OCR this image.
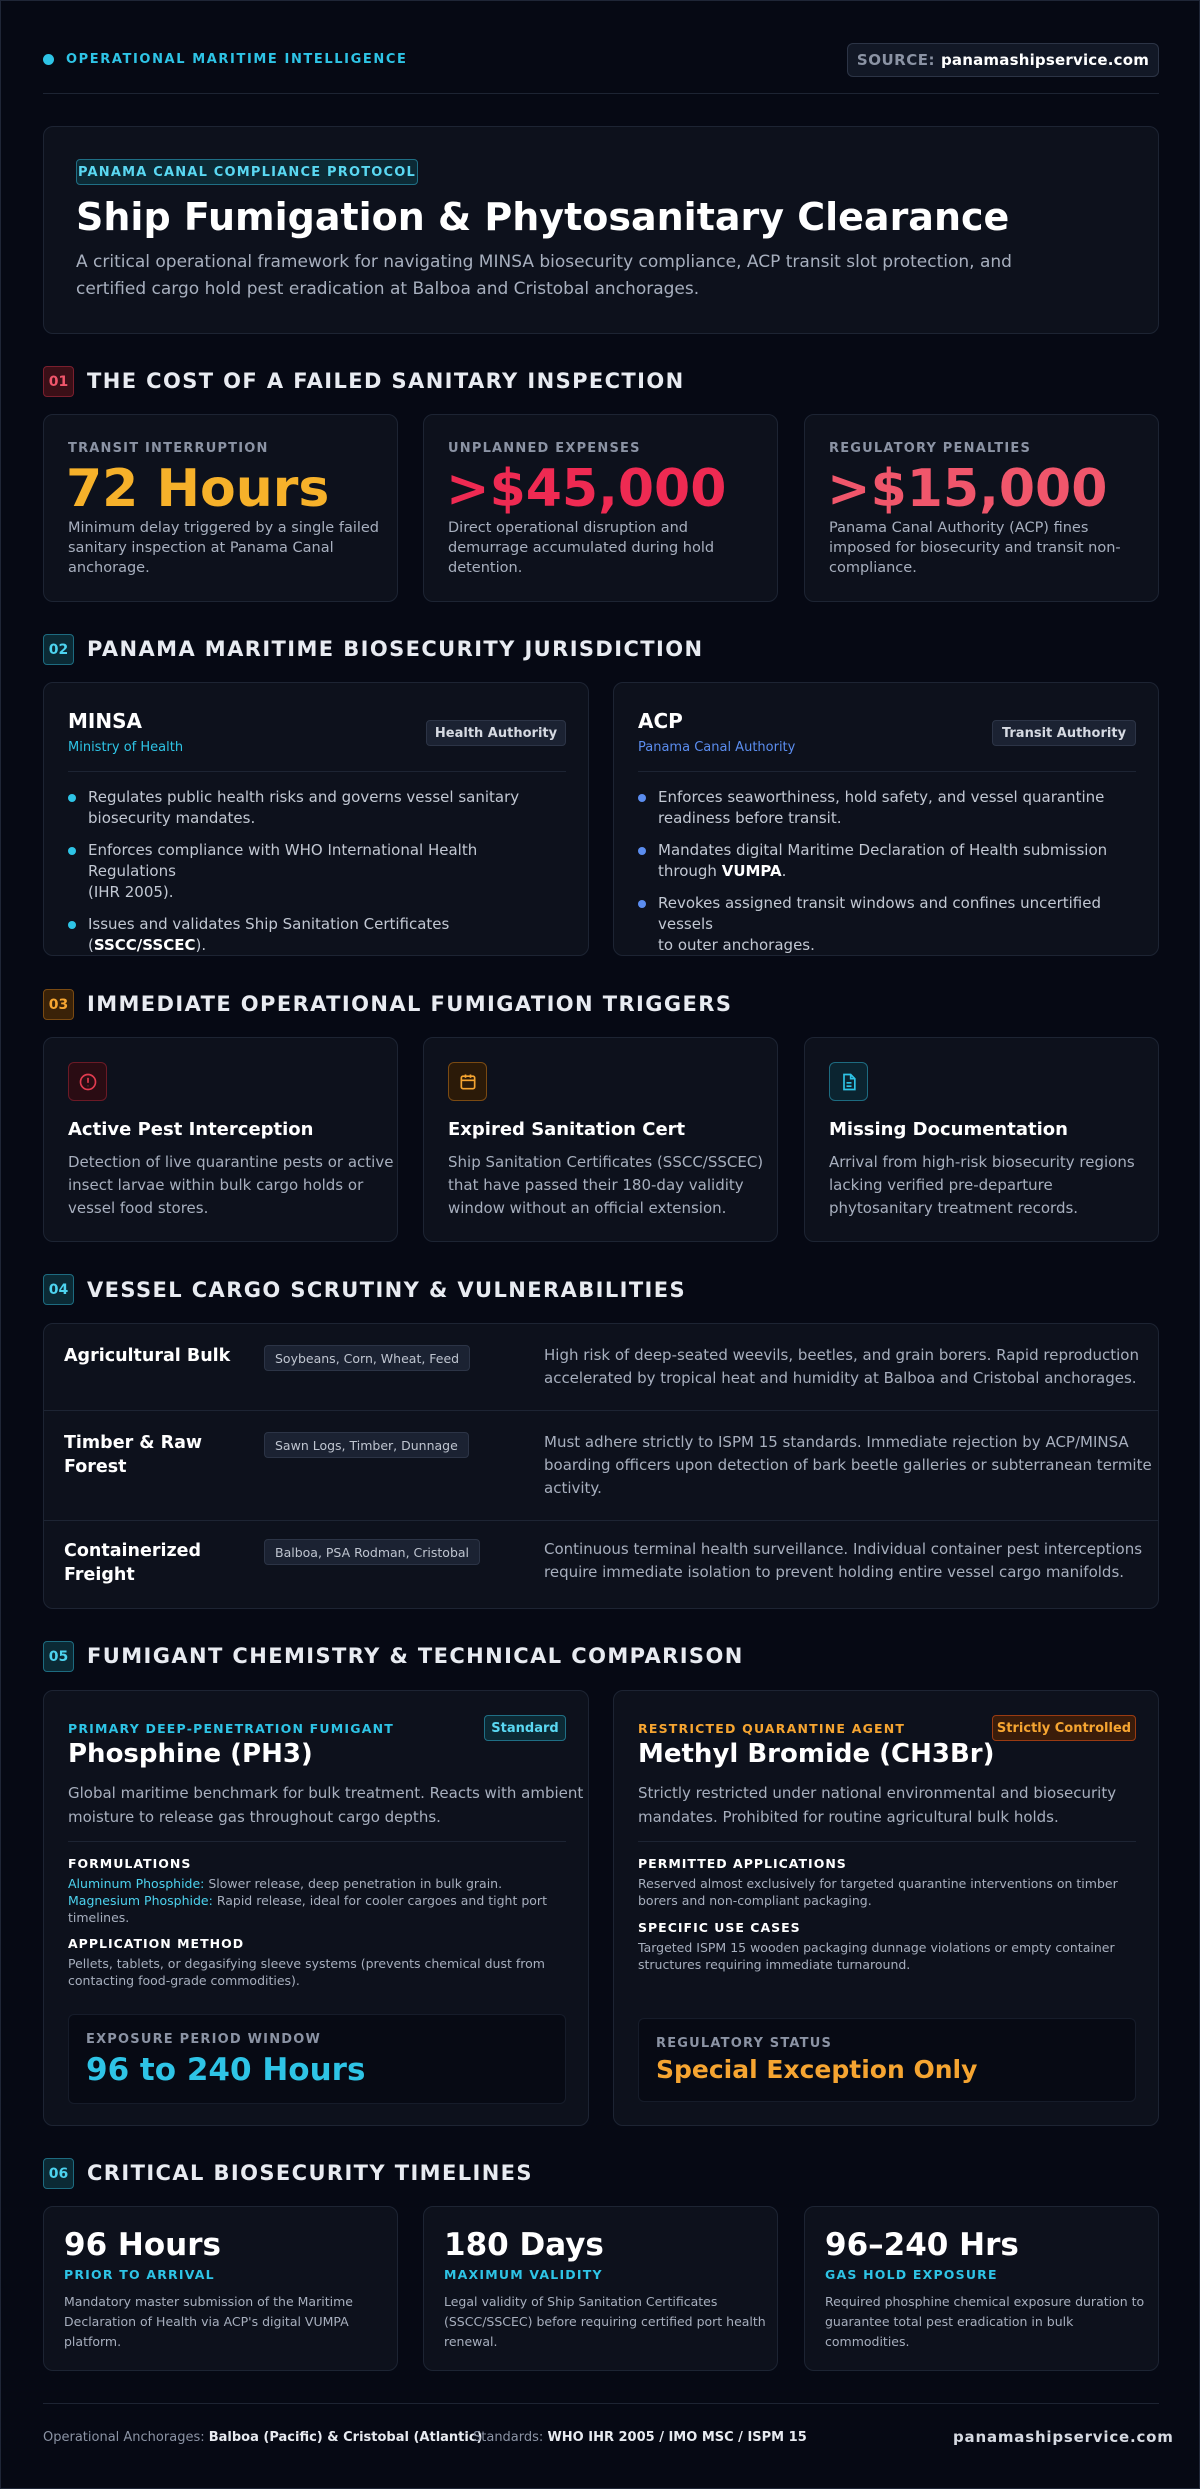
OPERATIONAL MARITIME INTELLIGENCE	SOURCE: panamashipservice.com
PANAMA CANAL COMPLIANCE PROTOCOL
Ship Fumigation & Phytosanitary Clearance
A critical operational framework for navigating MINSA biosecurity compliance, ACP transit slot protection, and
certified cargo hold pest eradication at Balboa and Cristobal anchorages.
01 THE COST OF A FAILED SANITARY INSPECTION
TRANSIT INTERRUPTION
72 Hours
Minimum delay triggered by a single failed
sanitary inspection at Panama Canal
anchorage.
UNPLANNED EXPENSES
>$45,000
Direct operational disruption and
demurrage accumulated during hold
detention.
REGULATORY PENALTIES
>$15,000
Panama Canal Authority (ACP) fines
imposed for biosecurity and transit non-
compliance.
02 PANAMA MARITIME BIOSECURITY JURISDICTION
MINSA
Ministry of Health
Health Authority
Regulates public health risks and governs vessel sanitary
biosecurity mandates.
Enforces compliance with WHO International Health Regulations
(IHR 2005).
Issues and validates Ship Sanitation Certificates (SSCC/SSCEC).
ACP
Panama Canal Authority
Transit Authority
Enforces seaworthiness, hold safety, and vessel quarantine
readiness before transit.
Mandates digital Maritime Declaration of Health submission
through VUMPA.
Revokes assigned transit windows and confines uncertified vessels
to outer anchorages.
03 IMMEDIATE OPERATIONAL FUMIGATION TRIGGERS
Active Pest Interception
Detection of live quarantine pests or active
insect larvae within bulk cargo holds or
vessel food stores.
Expired Sanitation Cert
Ship Sanitation Certificates (SSCC/SSCEC)
that have passed their 180-day validity
window without an official extension.
Missing Documentation
Arrival from high-risk biosecurity regions
lacking verified pre-departure
phytosanitary treatment records.
04 VESSEL CARGO SCRUTINY & VULNERABILITIES
Agricultural Bulk	Soybeans, Corn, Wheat, Feed	High risk of deep-seated weevils, beetles, and grain borers. Rapid reproduction
accelerated by tropical heat and humidity at Balboa and Cristobal anchorages.
Timber & Raw
Forest
Sawn Logs, Timber, Dunnage	Must adhere strictly to ISPM 15 standards. Immediate rejection by ACP/MINSA
boarding officers upon detection of bark beetle galleries or subterranean termite
activity.
Containerized
Freight
Balboa, PSA Rodman, Cristobal	Continuous terminal health surveillance. Individual container pest interceptions
require immediate isolation to prevent holding entire vessel cargo manifolds.
05 FUMIGANT CHEMISTRY & TECHNICAL COMPARISON
PRIMARY DEEP-PENETRATION FUMIGANT	Standard
Phosphine (PH3)
Global maritime benchmark for bulk treatment. Reacts with ambient
moisture to release gas throughout cargo depths.
FORMULATIONS
Aluminum Phosphide: Slower release, deep penetration in bulk grain.
Magnesium Phosphide: Rapid release, ideal for cooler cargoes and tight port
timelines.
APPLICATION METHOD
Pellets, tablets, or degasifying sleeve systems (prevents chemical dust from
contacting food-grade commodities).
EXPOSURE PERIOD WINDOW
96 to 240 Hours
RESTRICTED QUARANTINE AGENT	Strictly Controlled
Methyl Bromide (CH3Br)
Strictly restricted under national environmental and biosecurity
mandates. Prohibited for routine agricultural bulk holds.
PERMITTED APPLICATIONS
Reserved almost exclusively for targeted quarantine interventions on timber
borers and non-compliant packaging.
SPECIFIC USE CASES
Targeted ISPM 15 wooden packaging dunnage violations or empty container
structures requiring immediate turnaround.
REGULATORY STATUS
Special Exception Only
06 CRITICAL BIOSECURITY TIMELINES
96 Hours
PRIOR TO ARRIVAL
Mandatory master submission of the Maritime
Declaration of Health via ACP's digital VUMPA
platform.
180 Days
MAXIMUM VALIDITY
Legal validity of Ship Sanitation Certificates
(SSCC/SSCEC) before requiring certified port health
renewal.
96–240 Hrs
GAS HOLD EXPOSURE
Required phosphine chemical exposure duration to
guarantee total pest eradication in bulk
commodities.
Operational Anchorages: Balboa (Pacific) & Cristobal (Atlantic)
Standards: WHO IHR 2005 / IMO MSC / ISPM 15	panamashipservice.com
